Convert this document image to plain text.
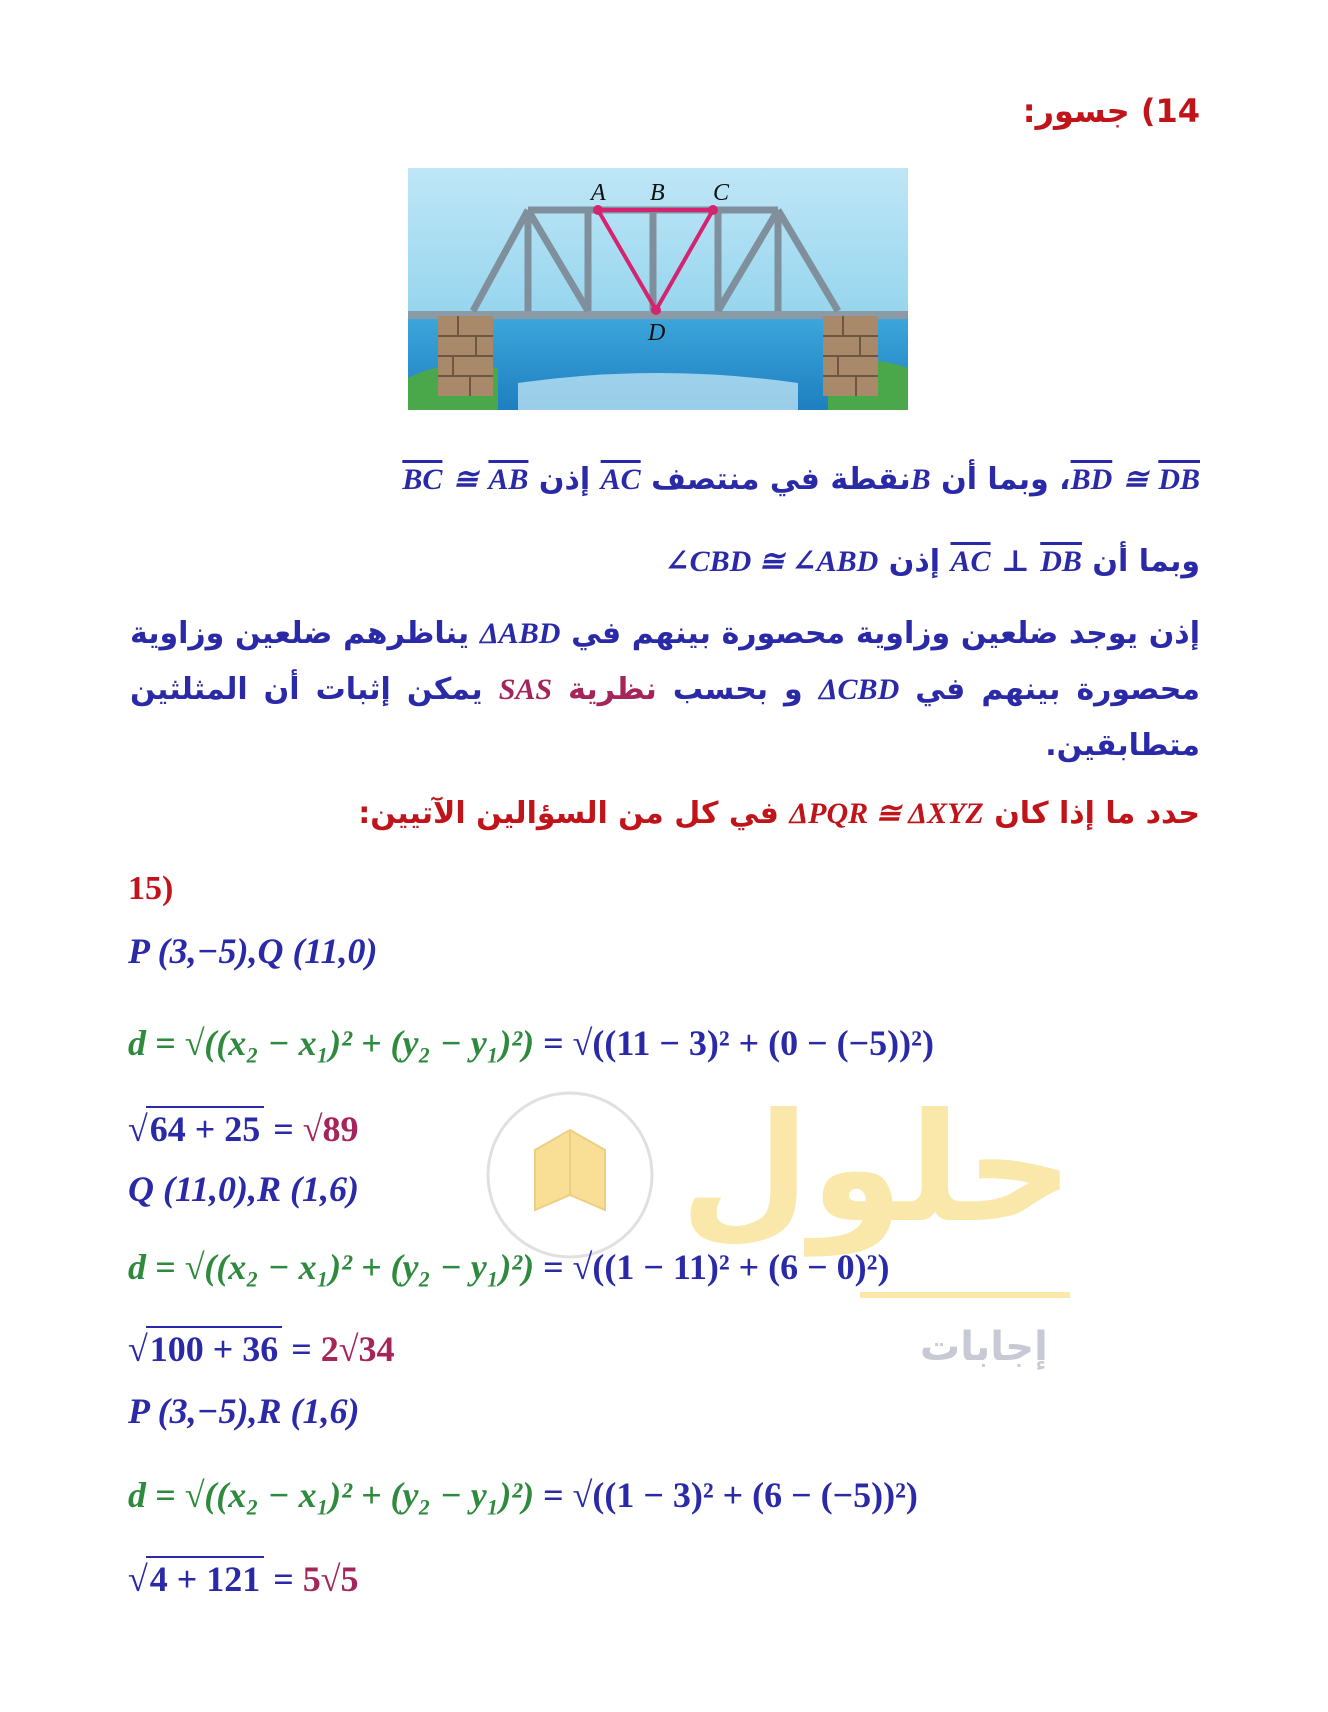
14) جسور:
A B C
D
BD ≅ DB، وبما أن Bنقطة في منتصف AC إذن BC ≅ AB
وبما أن AC ⊥ DB إذن ∠CBD ≅ ∠ABD
إذن يوجد ضلعين وزاوية محصورة بينهم في ΔABD يناظرهم ضلعين وزاوية محصورة بينهم في ΔCBD و بحسب نظرية SAS يمكن إثبات أن المثلثين متطابقين.
حدد ما إذا كان ΔPQR ≅ ΔXYZ في كل من السؤالين الآتيين:
حلول
إجابات
15)
P (3,−5),Q (11,0)
d = √((x₂ − x₁)² + (y₂ − y₁)²) = √((11 − 3)² + (0 − (−5))²)
√64 + 25 = √89
Q (11,0),R (1,6)
d = √((x₂ − x₁)² + (y₂ − y₁)²) = √((1 − 11)² + (6 − 0)²)
√100 + 36 = 2√34
P (3,−5),R (1,6)
d = √((x₂ − x₁)² + (y₂ − y₁)²) = √((1 − 3)² + (6 − (−5))²)
√4 + 121 = 5√5
